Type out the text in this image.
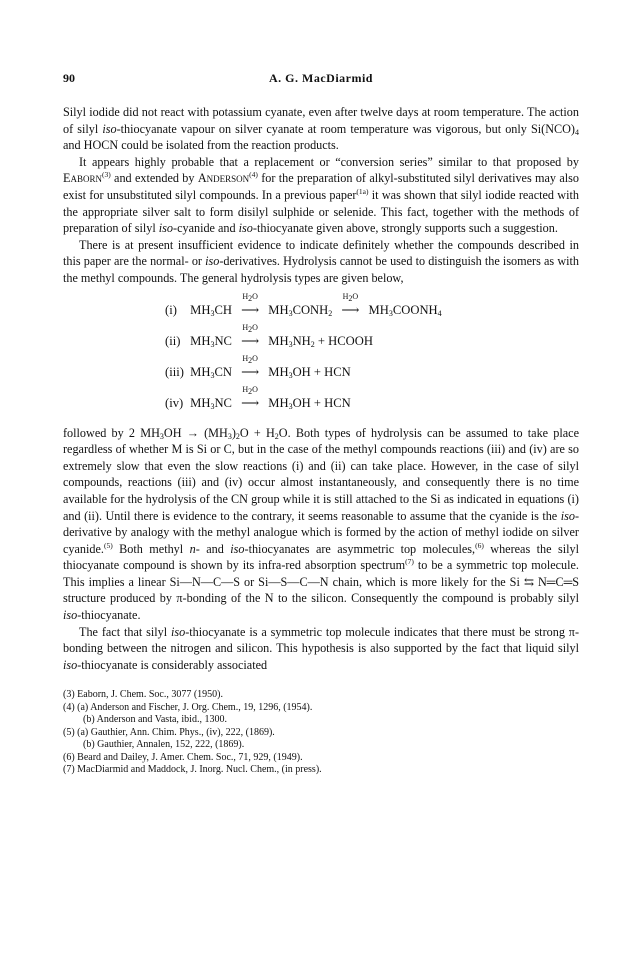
90	A. G. MacDiarmid

Silyl iodide did not react with potassium cyanate, even after twelve days at room temperature. The action of silyl iso-thiocyanate vapour on silver cyanate at room temperature was vigorous, but only $Si(NCO)_4$ and HOCN could be isolated from the reaction products.

It appears highly probable that a replacement or “conversion series” similar to that proposed by Eaborn$^{(3)}$ and extended by Anderson$^{(4)}$ for the preparation of alkyl-substituted silyl derivatives may also exist for unsubstituted silyl compounds. In a previous paper$^{(1a)}$ it was shown that silyl iodide reacted with the appropriate silver salt to form disilyl sulphide or selenide. This fact, together with the methods of preparation of silyl iso-cyanide and iso-thiocyanate given above, strongly supports such a suggestion.

There is at present insufficient evidence to indicate definitely whether the compounds described in this paper are the normal- or iso-derivatives. Hydrolysis cannot be used to distinguish the isomers as with the methyl compounds. The general hydrolysis types are given below,

(i) $MH_3CH$
$H_2O$
⟶ $MH_3CONH_2$
$H_2O$
⟶ $MH_3COONH_4$
(ii) $MH_3NC$
$H_2O$
⟶ $MH_3NH_2$ + HCOOH
(iii) $MH_3CN$
$H_2O$
⟶ $MH_3OH$ + HCN
(iv) $MH_3NC$
$H_2O$
⟶ $MH_3OH$ + HCN

followed by 2 $MH_3OH \to (MH_3)_2O + H_2O$. Both types of hydrolysis can be assumed to take place regardless of whether M is Si or C, but in the case of the methyl compounds reactions (iii) and (iv) are so extremely slow that even the slow reactions (i) and (ii) can take place. However, in the case of silyl compounds, reactions (iii) and (iv) occur almost instantaneously, and consequently there is no time available for the hydrolysis of the CN group while it is still attached to the Si as indicated in equations (i) and (ii). Until there is evidence to the contrary, it seems reasonable to assume that the cyanide is the iso-derivative by analogy with the methyl analogue which is formed by the action of methyl iodide on silver cyanide.$^{(5)}$ Both methyl n- and iso-thiocyanates are asymmetric top molecules,$^{(6)}$ whereas the silyl thiocyanate compound is shown by its infra-red absorption spectrum$^{(7)}$ to be a symmetric top molecule. This implies a linear Si—N—C—S or Si—S—C—N chain, which is more likely for the Si ⇆ N═C═S structure produced by π-bonding of the N to the silicon. Consequently the compound is probably silyl iso-thiocyanate.

The fact that silyl iso-thiocyanate is a symmetric top molecule indicates that there must be strong π-bonding between the nitrogen and silicon. This hypothesis is also supported by the fact that liquid silyl iso-thiocyanate is considerably associated

(3) Eaborn, J. Chem. Soc., 3077 (1950).
(4) (a) Anderson and Fischer, J. Org. Chem., 19, 1296, (1954).
(b) Anderson and Vasta, ibid., 1300.
(5) (a) Gauthier, Ann. Chim. Phys., (iv), 222, (1869).
(b) Gauthier, Annalen, 152, 222, (1869).
(6) Beard and Dailey, J. Amer. Chem. Soc., 71, 929, (1949).
(7) MacDiarmid and Maddock, J. Inorg. Nucl. Chem., (in press).
